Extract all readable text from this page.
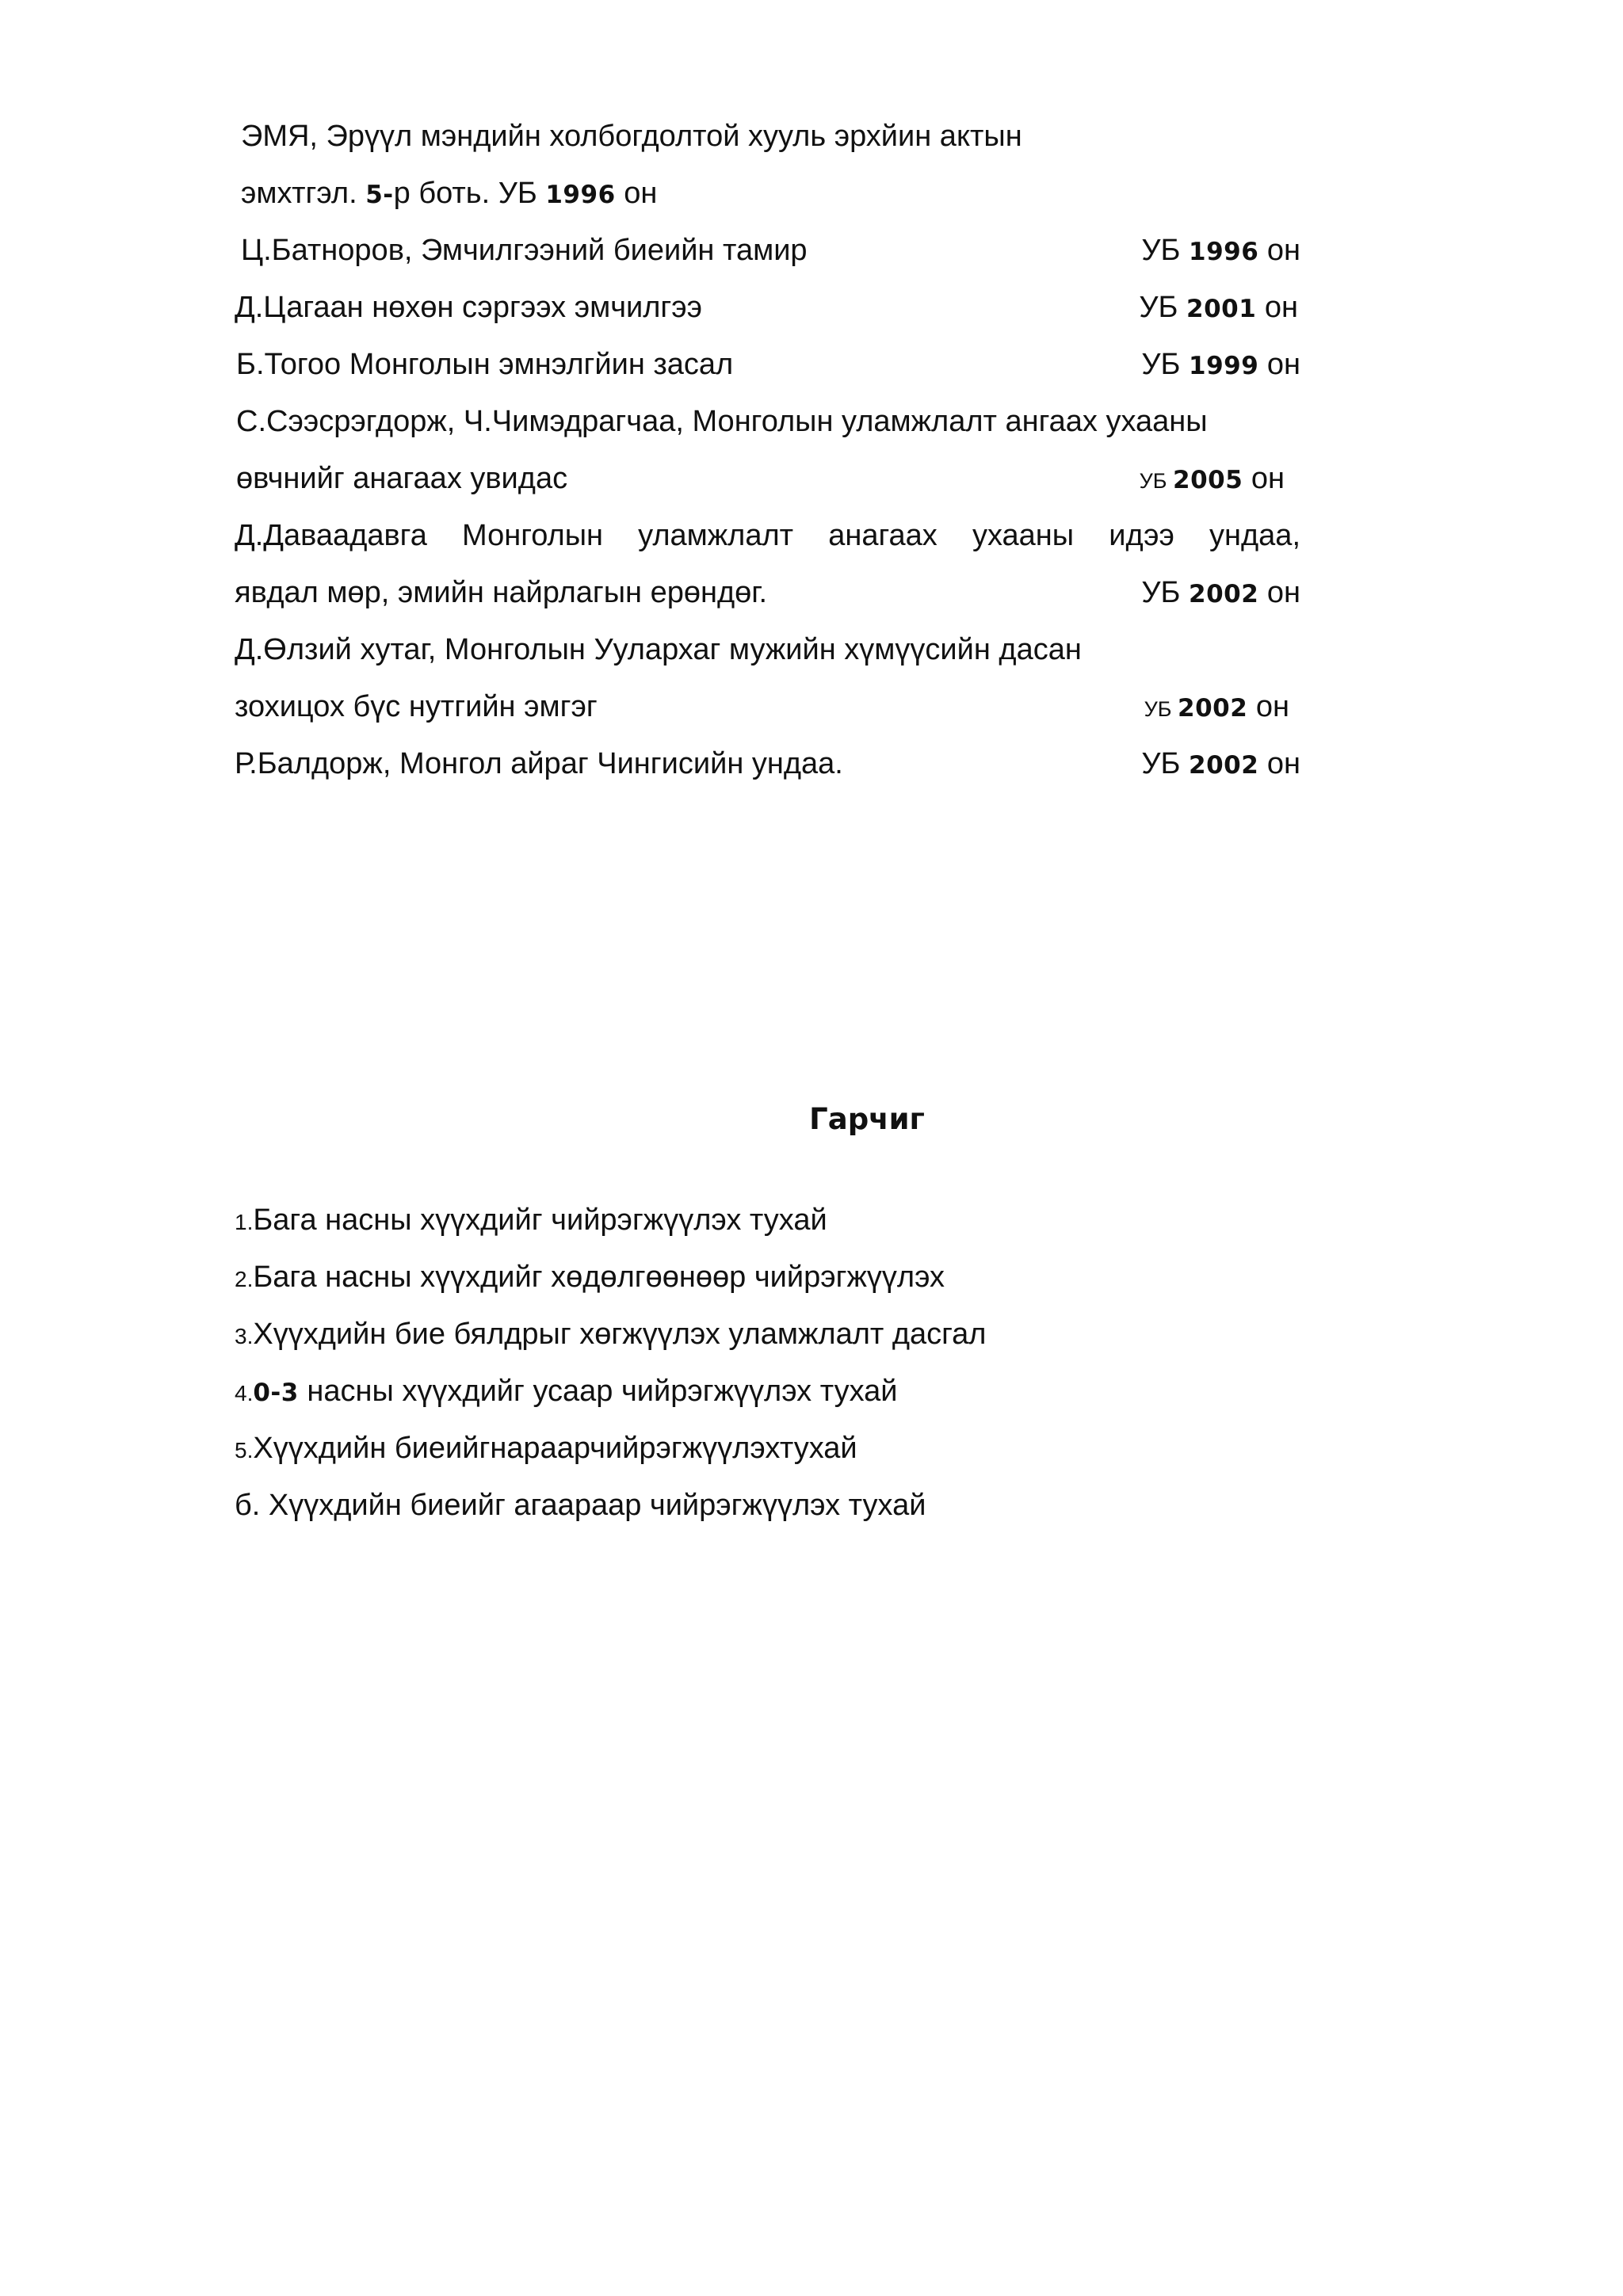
ЭМЯ, Эрүүл мэндийн холбогдолтой хууль эрхйин актын
эмхтгэл. 5-р боть. УБ 1996 он
Ц.Батноров, Эмчилгээний биеийн тамир	УБ 1996 он
Д.Цагаан нөхөн сэргээх эмчилгээ	УБ 2001 он
Б.Тогоо Монголын эмнэлгйин засал	УБ 1999 он
С.Сээсрэгдорж, Ч.Чимэдрагчаа, Монголын уламжлалт ангаах ухааны
өвчнийг анагаах увидас	УБ 2005 он
Д.Даваадавга Монголын уламжлалт анагаах ухааны идээ ундаа,
явдал мөр, эмийн найрлагын ерөндөг.	УБ 2002 он
Д.Өлзий хутаг, Монголын Уулархаг мужийн хүмүүсийн дасан
зохицох бүс нутгийн эмгэг	УБ 2002 он
Р.Балдорж, Монгол айраг Чингисийн ундаа.	УБ 2002 он
Гарчиг
1.Бага насны хүүхдийг чийрэгжүүлэх тухай
2.Бага насны хүүхдийг хөдөлгөөнөөр чийрэгжүүлэх
3.Хүүхдийн бие бялдрыг хөгжүүлэх уламжлалт дасгал
4.0-3 насны хүүхдийг усаар чийрэгжүүлэх тухай
5.Хүүхдийн биеийгнараарчийрэгжүүлэхтухай
б. Хүүхдийн биеийг агаараар чийрэгжүүлэх тухай
